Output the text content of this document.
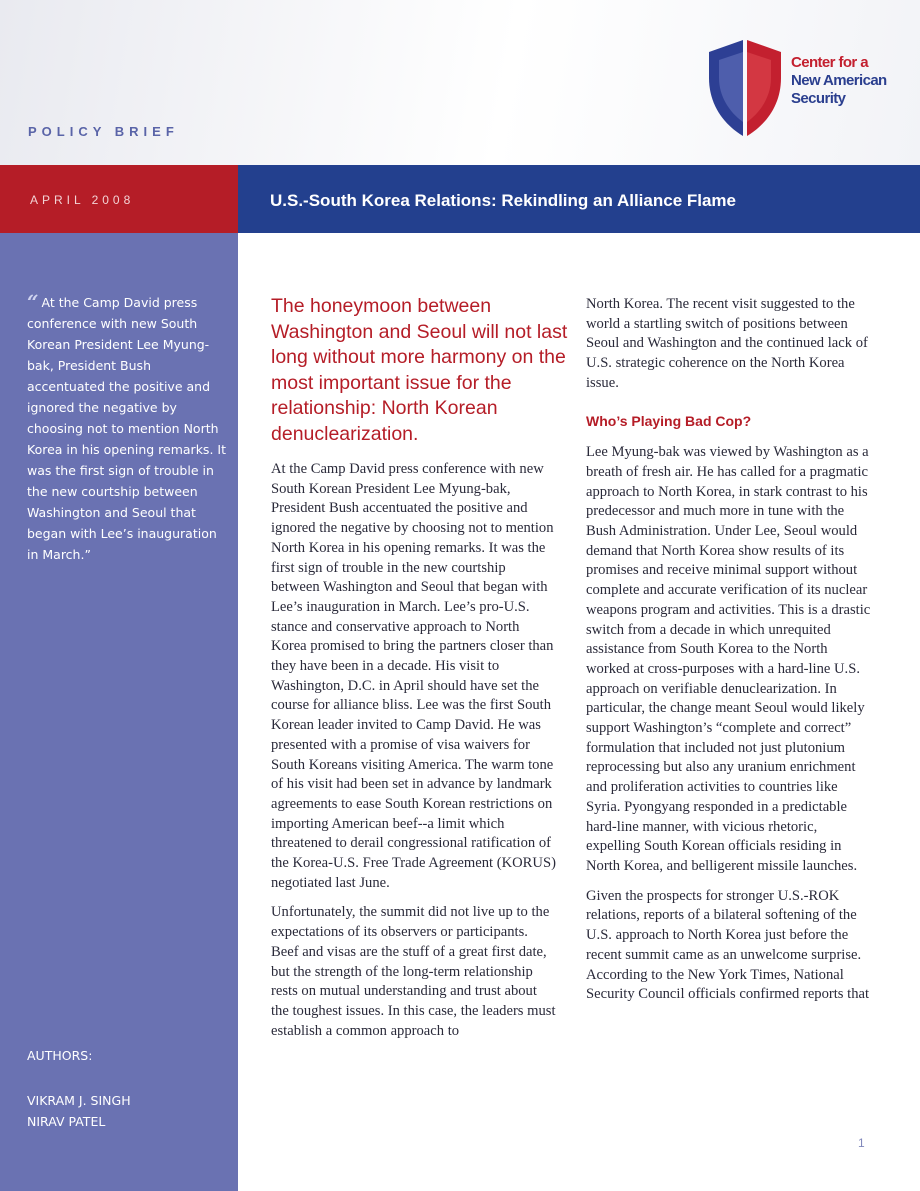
POLICY BRIEF
Center for a
New American
Security
APRIL 2008	U.S.-South Korea Relations: Rekindling an Alliance Flame
“ At the Camp David press conference with new South Korean President Lee Myung-bak, President Bush accentuated the positive and ignored the negative by choosing not to mention North Korea in his opening remarks. It was the first sign of trouble in the new courtship between Washington and Seoul that began with Lee’s inauguration in March.”
AUTHORS:
VIKRAM J. SINGH
NIRAV PATEL
The honeymoon between Washington and Seoul will not last long without more harmony on the most important issue for the relationship: North Korean denuclearization.

At the Camp David press conference with new South Korean President Lee Myung-bak, President Bush accentuated the positive and ignored the negative by choosing not to mention North Korea in his opening remarks. It was the first sign of trouble in the new courtship between Washington and Seoul that began with Lee’s inauguration in March. Lee’s pro-U.S. stance and conservative approach to North Korea promised to bring the partners closer than they have been in a decade. His visit to Washington, D.C. in April should have set the course for alliance bliss. Lee was the first South Korean leader invited to Camp David. He was presented with a promise of visa waivers for South Koreans visiting America. The warm tone of his visit had been set in advance by landmark agreements to ease South Korean restrictions on importing American beef--a limit which threatened to derail congressional ratification of the Korea-U.S. Free Trade Agreement (KORUS) negotiated last June.

Unfortunately, the summit did not live up to the expectations of its observers or participants. Beef and visas are the stuff of a great first date, but the strength of the long-term relationship rests on mutual understanding and trust about the toughest issues. In this case, the leaders must establish a common approach to

North Korea. The recent visit suggested to the world a startling switch of positions between Seoul and Washington and the continued lack of U.S. strategic coherence on the North Korea issue.

Who’s Playing Bad Cop?

Lee Myung-bak was viewed by Washington as a breath of fresh air. He has called for a pragmatic approach to North Korea, in stark contrast to his predecessor and much more in tune with the Bush Administration. Under Lee, Seoul would demand that North Korea show results of its promises and receive minimal support without complete and accurate verification of its nuclear weapons program and activities. This is a drastic switch from a decade in which unrequited assistance from South Korea to the North worked at cross-purposes with a hard-line U.S. approach on verifiable denuclearization. In particular, the change meant Seoul would likely support Washington’s “complete and correct” formulation that included not just plutonium reprocessing but also any uranium enrichment and proliferation activities to countries like Syria. Pyongyang responded in a predictable hard-line manner, with vicious rhetoric, expelling South Korean officials residing in North Korea, and belligerent missile launches.

Given the prospects for stronger U.S.-ROK relations, reports of a bilateral softening of the U.S. approach to North Korea just before the recent summit came as an unwelcome surprise. According to the New York Times, National Security Council officials confirmed reports that

1
